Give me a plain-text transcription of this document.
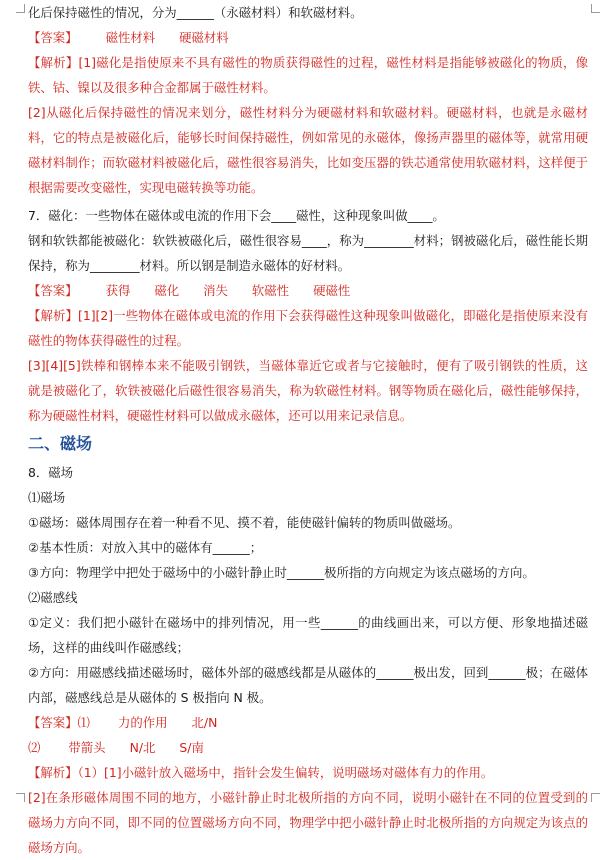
化后保持磁性的情况，分为______（永磁材料）和软磁材料。
【答案】 磁性材料 硬磁材料

【解析】[1]磁化是指使原来不具有磁性的物质获得磁性的过程，磁性材料是指能够被磁化的物质，像铁、钴、镍以及很多种合金都属于磁性材料。

[2]从磁化后保持磁性的情况来划分，磁性材料分为硬磁材料和软磁材料。硬磁材料，也就是永磁材料，它的特点是被磁化后，能够长时间保持磁性，例如常见的永磁体，像扬声器里的磁体等，就常用硬磁材料制作；而软磁材料被磁化后，磁性很容易消失，比如变压器的铁芯通常使用软磁材料，这样便于根据需要改变磁性，实现电磁转换等功能。

7．磁化：一些物体在磁体或电流的作用下会____磁性，这种现象叫做____。

钢和软铁都能被磁化：软铁被磁化后，磁性很容易____，称为________材料；钢被磁化后，磁性能长期保持，称为________材料。所以钢是制造永磁体的好材料。

【答案】 获得 磁化 消失 软磁性 硬磁性

【解析】[1][2]一些物体在磁体或电流的作用下会获得磁性这种现象叫做磁化，即磁化是指使原来没有磁性的物体获得磁性的过程。

[3][4][5]铁棒和钢棒本来不能吸引钢铁，当磁体靠近它或者与它接触时，便有了吸引钢铁的性质，这就是被磁化了，软铁被磁化后磁性很容易消失，称为软磁性材料。钢等物质在磁化后，磁性能够保持，称为硬磁性材料，硬磁性材料可以做成永磁体，还可以用来记录信息。

二、磁场
8．磁场
⑴磁场
①磁场：磁体周围存在着一种看不见、摸不着，能使磁针偏转的物质叫做磁场。
②基本性质：对放入其中的磁体有______；
③方向：物理学中把处于磁场中的小磁针静止时______极所指的方向规定为该点磁场的方向。
⑵磁感线

①定义：我们把小磁针在磁场中的排列情况，用一些______的曲线画出来，可以方便、形象地描述磁场，这样的曲线叫作磁感线；

②方向：用磁感线描述磁场时，磁体外部的磁感线都是从磁体的______极出发，回到______极；在磁体内部，磁感线总是从磁体的 S 极指向 N 极。

【答案】⑴ 力的作用 北/N
⑵ 带箭头 N/北 S/南
【解析】（1）[1]小磁针放入磁场中，指针会发生偏转，说明磁场对磁体有力的作用。

[2]在条形磁体周围不同的地方，小磁针静止时北极所指的方向不同，说明小磁针在不同的位置受到的磁场力方向不同，即不同的位置磁场方向不同，物理学中把小磁针静止时北极所指的方向规定为该点的磁场方向。
